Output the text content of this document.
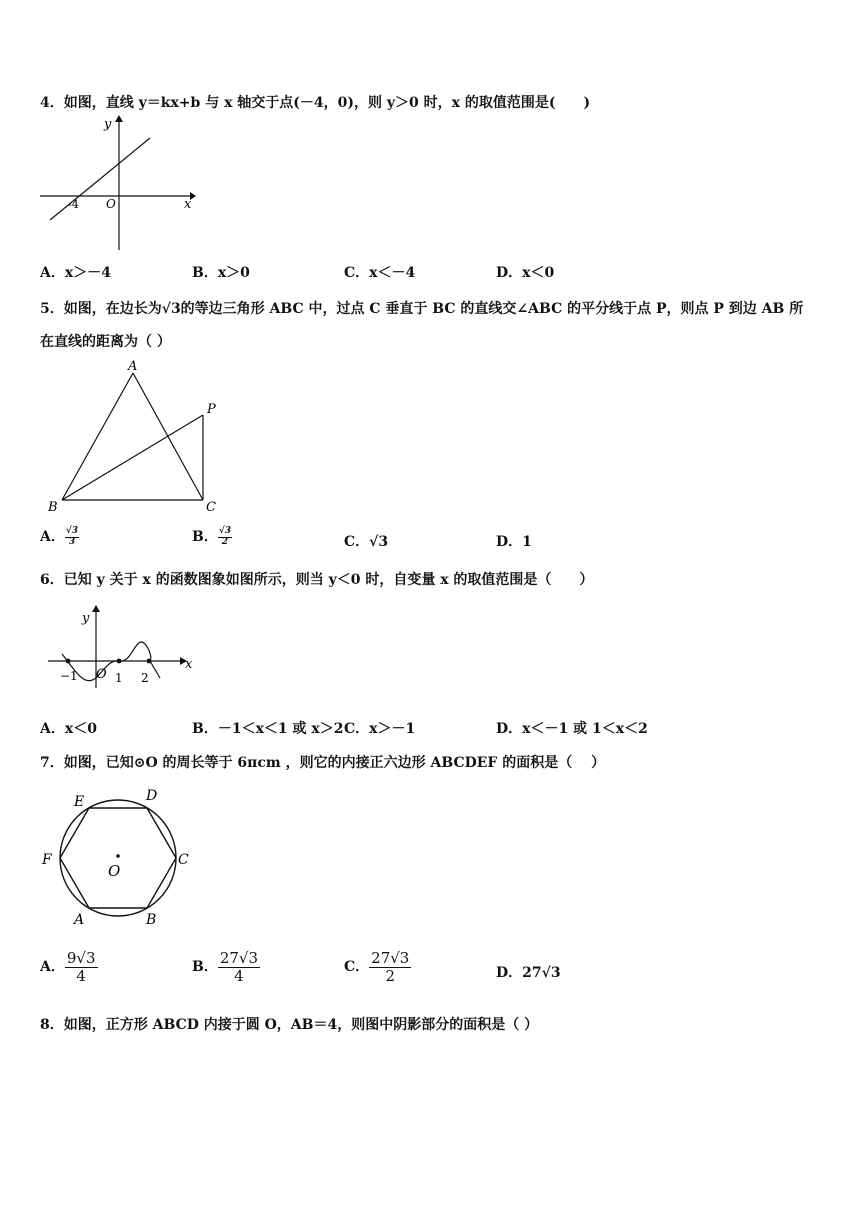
4．如图，直线 y＝kx+b 与 x 轴交于点(－4，0)，则 y＞0 时，x 的取值范围是(　　)
y
x
O
-4
A．x＞－4	B．x＞0	C．x＜－4	D．x＜0
5．如图，在边长为√3的等边三角形 ABC 中，过点 C 垂直于 BC 的直线交∠ABC 的平分线于点 P，则点 P 到边 AB 所
在直线的距离为（ ）
A
P
B	C
A． $\frac{√3}{3}$	B． $\frac{√3}{2}$	C．√3	D．1
6．已知 y 关于 x 的函数图象如图所示，则当 y＜0 时，自变量 x 的取值范围是（　　）
y
x
O
−1	1 2
A．x＜0	B．－1＜x＜1 或 x＞2 C．x＞－1	D．x＜－1 或 1＜x＜2
7．如图，已知⊙O 的周长等于 6πcm ，则它的内接正六边形 ABCDEF 的面积是（　 ）
E	D
F	C
O
A	B
A． $\frac{9√3}{4}$	B． $\frac{27√3}{4}$	C． $\frac{27√3}{2}$	D．27√3
8．如图，正方形 ABCD 内接于圆 O，AB＝4，则图中阴影部分的面积是（ ）
